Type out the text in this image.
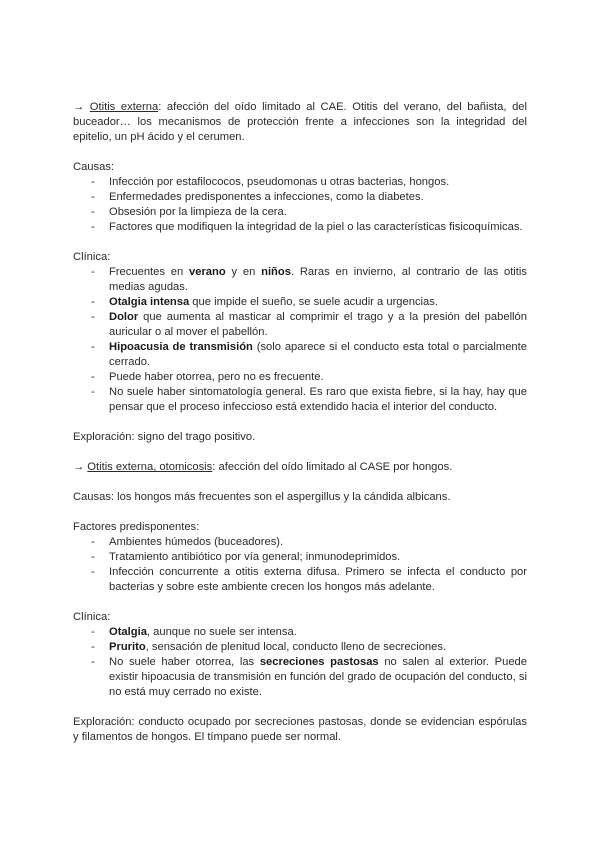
→ Otitis externa: afección del oído limitado al CAE. Otitis del verano, del bañista, del buceador… los mecanismos de protección frente a infecciones son la integridad del epitelio, un pH ácido y el cerumen.

Causas:

- Infección por estafilococos, pseudomonas u otras bacterias, hongos.
- Enfermedades predisponentes a infecciones, como la diabetes.
- Obsesión por la limpieza de la cera.
- Factores que modifiquen la integridad de la piel o las características fisicoquímicas.

Clínica:

- Frecuentes en verano y en niños. Raras en invierno, al contrario de las otitis medias agudas.
- Otalgia intensa que impide el sueño, se suele acudir a urgencias.
- Dolor que aumenta al masticar al comprimir el trago y a la presión del pabellón auricular o al mover el pabellón.
- Hipoacusia de transmisión (solo aparece si el conducto esta total o parcialmente cerrado.
- Puede haber otorrea, pero no es frecuente.
- No suele haber sintomatología general. Es raro que exista fiebre, si la hay, hay que pensar que el proceso infeccioso está extendido hacia el interior del conducto.

Exploración: signo del trago positivo.

→ Otitis externa, otomicosis: afección del oído limitado al CASE por hongos.

Causas: los hongos más frecuentes son el aspergillus y la cándida albicans.

Factores predisponentes:

- Ambientes húmedos (buceadores).
- Tratamiento antibiótico por vía general; inmunodeprimidos.
- Infección concurrente a otitis externa difusa. Primero se infecta el conducto por bacterias y sobre este ambiente crecen los hongos más adelante.

Clínica:

- Otalgia, aunque no suele ser intensa.
- Prurito, sensación de plenitud local, conducto lleno de secreciones.
- No suele haber otorrea, las secreciones pastosas no salen al exterior. Puede existir hipoacusia de transmisión en función del grado de ocupación del conducto, si no está muy cerrado no existe.

Exploración: conducto ocupado por secreciones pastosas, donde se evidencian espórulas y filamentos de hongos. El tímpano puede ser normal.
